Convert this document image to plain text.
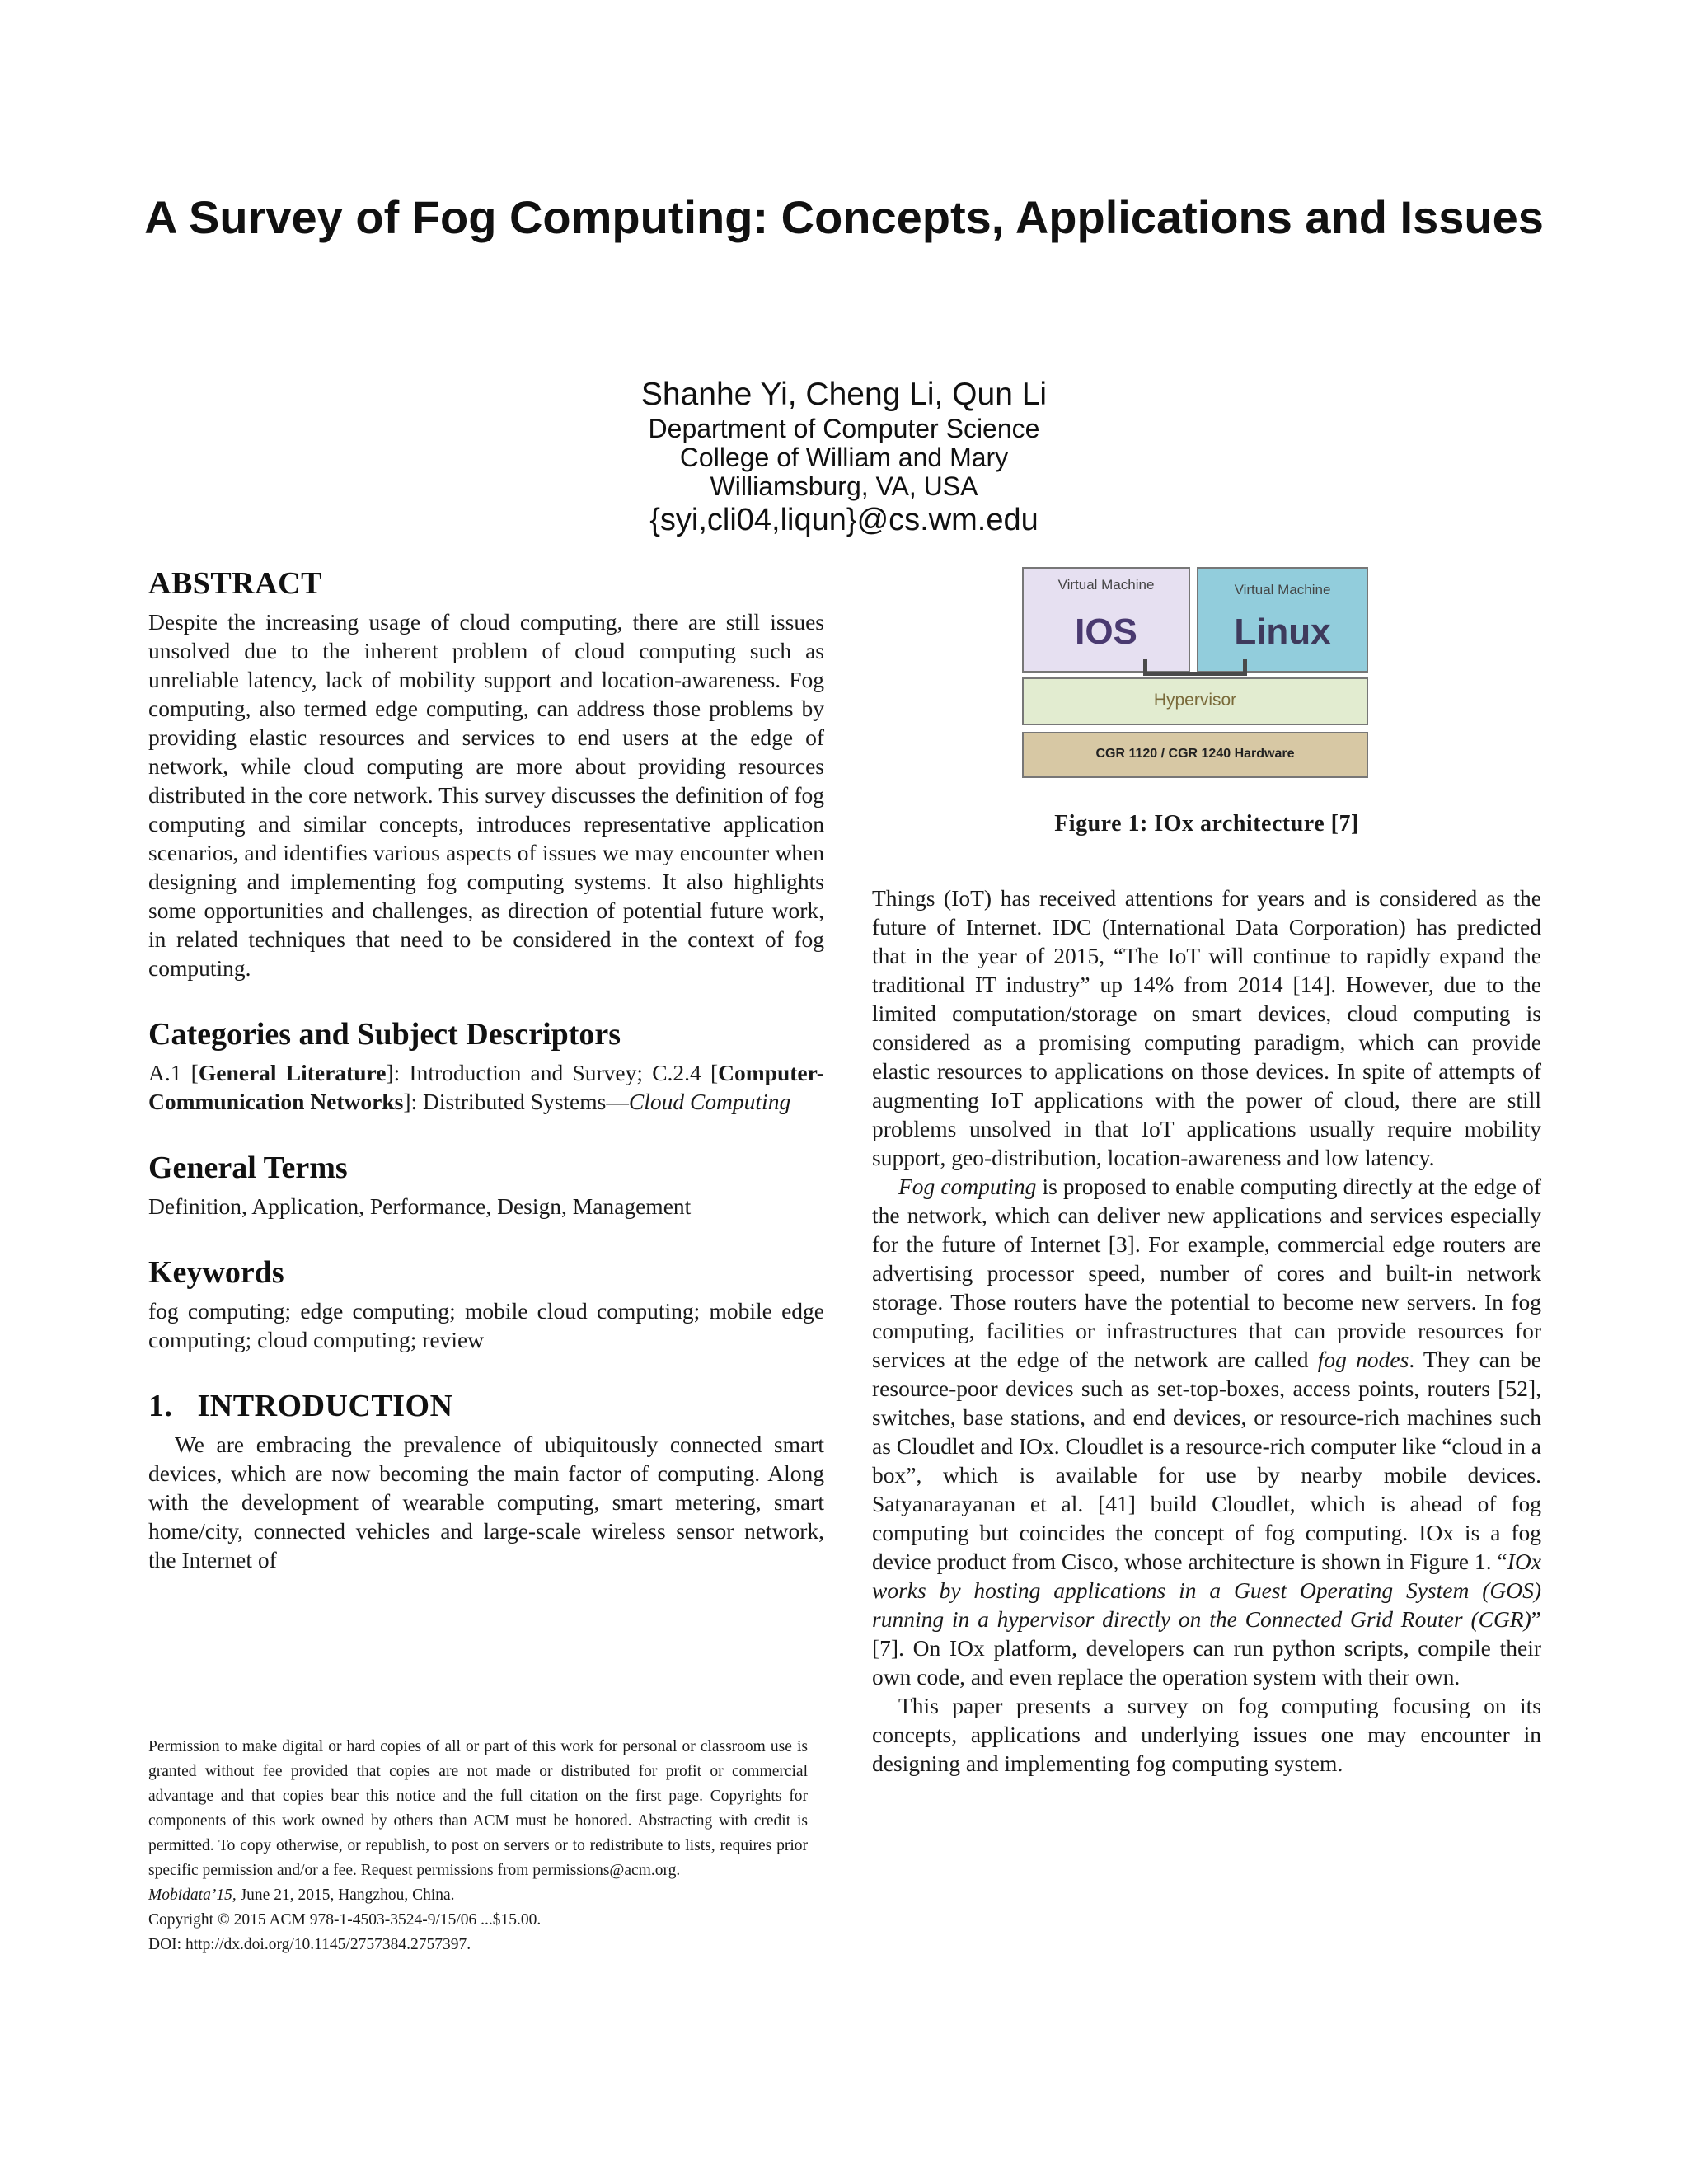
A Survey of Fog Computing: Concepts, Applications and Issues
Shanhe Yi, Cheng Li, Qun Li
Department of Computer Science
College of William and Mary
Williamsburg, VA, USA
{syi,cli04,liqun}@cs.wm.edu
ABSTRACT

Despite the increasing usage of cloud computing, there are still issues unsolved due to the inherent problem of cloud computing such as unreliable latency, lack of mobility support and location-awareness. Fog computing, also termed edge computing, can address those problems by providing elastic resources and services to end users at the edge of network, while cloud computing are more about providing resources distributed in the core network. This survey discusses the definition of fog computing and similar concepts, introduces representative application scenarios, and identifies various aspects of issues we may encounter when designing and implementing fog computing systems. It also highlights some opportunities and challenges, as direction of potential future work, in related techniques that need to be considered in the context of fog computing.

Categories and Subject Descriptors

A.1 [General Literature]: Introduction and Survey; C.2.4 [Computer-Communication Networks]: Distributed Systems—Cloud Computing

General Terms

Definition, Application, Performance, Design, Management

Keywords

fog computing; edge computing; mobile cloud computing; mobile edge computing; cloud computing; review

1.   INTRODUCTION

We are embracing the prevalence of ubiquitously connected smart devices, which are now becoming the main factor of computing. Along with the development of wearable computing, smart metering, smart home/city, connected vehicles and large-scale wireless sensor network, the Internet of

Permission to make digital or hard copies of all or part of this work for personal or classroom use is granted without fee provided that copies are not made or distributed for profit or commercial advantage and that copies bear this notice and the full citation on the first page. Copyrights for components of this work owned by others than ACM must be honored. Abstracting with credit is permitted. To copy otherwise, or republish, to post on servers or to redistribute to lists, requires prior specific permission and/or a fee. Request permissions from permissions@acm.org.
Mobidata’15, June 21, 2015, Hangzhou, China.
Copyright © 2015 ACM 978-1-4503-3524-9/15/06 ...$15.00.
DOI: http://dx.doi.org/10.1145/2757384.2757397.
Virtual Machine
IOS
Virtual Machine
Linux
Hypervisor
CGR 1120 / CGR 1240 Hardware
Figure 1: IOx architecture [7]

Things (IoT) has received attentions for years and is considered as the future of Internet. IDC (International Data Corporation) has predicted that in the year of 2015, “The IoT will continue to rapidly expand the traditional IT industry” up 14% from 2014 [14]. However, due to the limited computation/storage on smart devices, cloud computing is considered as a promising computing paradigm, which can provide elastic resources to applications on those devices. In spite of attempts of augmenting IoT applications with the power of cloud, there are still problems unsolved in that IoT applications usually require mobility support, geo-distribution, location-awareness and low latency.

Fog computing is proposed to enable computing directly at the edge of the network, which can deliver new applications and services especially for the future of Internet [3]. For example, commercial edge routers are advertising processor speed, number of cores and built-in network storage. Those routers have the potential to become new servers. In fog computing, facilities or infrastructures that can provide resources for services at the edge of the network are called fog nodes. They can be resource-poor devices such as set-top-boxes, access points, routers [52], switches, base stations, and end devices, or resource-rich machines such as Cloudlet and IOx. Cloudlet is a resource-rich computer like “cloud in a box”, which is available for use by nearby mobile devices. Satyanarayanan et al. [41] build Cloudlet, which is ahead of fog computing but coincides the concept of fog computing. IOx is a fog device product from Cisco, whose architecture is shown in Figure 1. “IOx works by hosting applications in a Guest Operating System (GOS) running in a hypervisor directly on the Connected Grid Router (CGR)” [7]. On IOx platform, developers can run python scripts, compile their own code, and even replace the operation system with their own.

This paper presents a survey on fog computing focusing on its concepts, applications and underlying issues one may encounter in designing and implementing fog computing system.
